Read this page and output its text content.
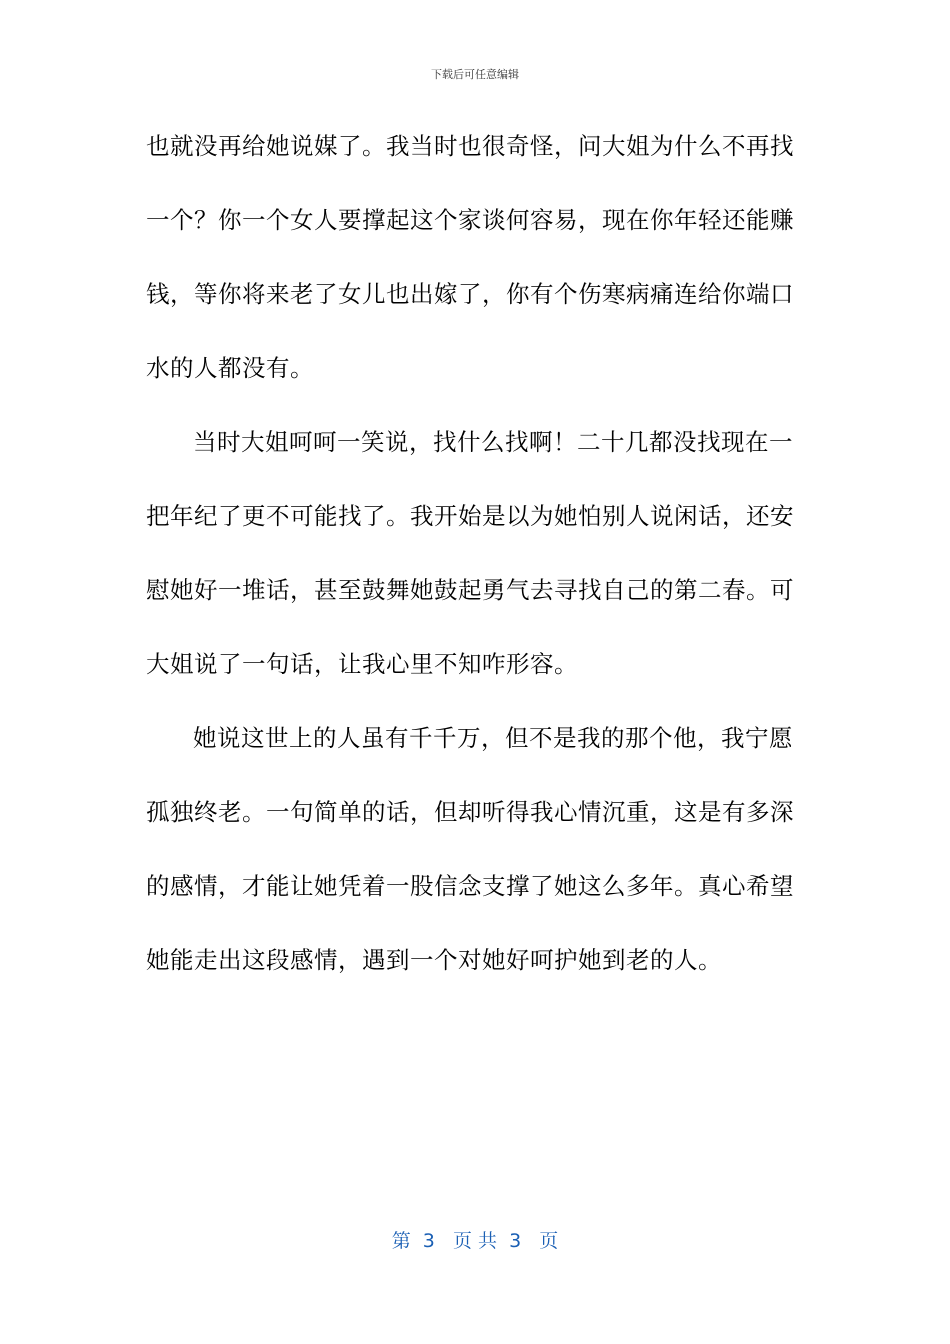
下载后可任意编辑
也就没再给她说媒了。我当时也很奇怪，问大姐为什么不再找
一个？你一个女人要撑起这个家谈何容易，现在你年轻还能赚
钱，等你将来老了女儿也出嫁了，你有个伤寒病痛连给你端口
水的人都没有。
当时大姐呵呵一笑说，找什么找啊！二十几都没找现在一
把年纪了更不可能找了。我开始是以为她怕别人说闲话，还安
慰她好一堆话，甚至鼓舞她鼓起勇气去寻找自己的第二春。可
大姐说了一句话，让我心里不知咋形容。
她说这世上的人虽有千千万，但不是我的那个他，我宁愿
孤独终老。一句简单的话，但却听得我心情沉重，这是有多深
的感情，才能让她凭着一股信念支撑了她这么多年。真心希望
她能走出这段感情，遇到一个对她好呵护她到老的人。
第  3   页 共  3   页
